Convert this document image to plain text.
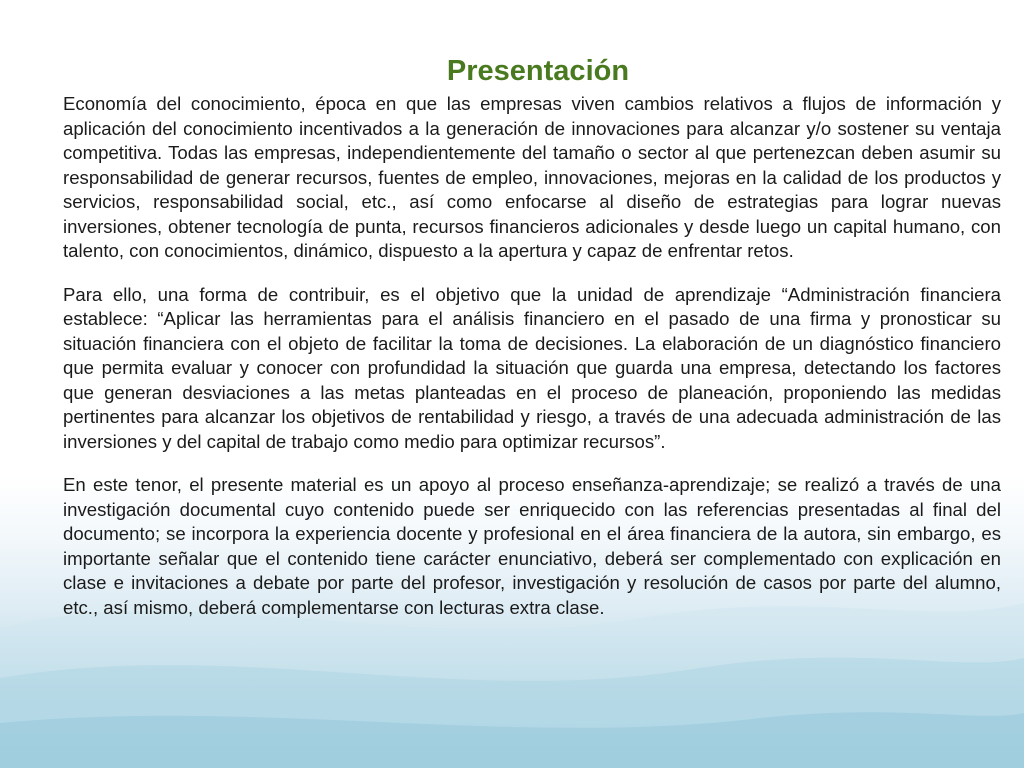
Presentación

Economía del conocimiento, época en que las empresas viven cambios relativos a flujos de información y aplicación del conocimiento incentivados a la generación de innovaciones para alcanzar y/o sostener su ventaja competitiva. Todas las empresas, independientemente del tamaño o sector al que pertenezcan deben asumir su responsabilidad de generar recursos, fuentes de empleo, innovaciones, mejoras en la calidad de los productos y servicios, responsabilidad social, etc., así como enfocarse al diseño de estrategias para lograr nuevas inversiones, obtener tecnología de punta, recursos financieros adicionales y desde luego un capital humano, con talento, con conocimientos, dinámico, dispuesto a la apertura y capaz de enfrentar retos.

Para ello, una forma de contribuir, es el objetivo que la unidad de aprendizaje “Administración financiera establece: “Aplicar las herramientas para el análisis financiero en el pasado de una firma y pronosticar su situación financiera con el objeto de facilitar la toma de decisiones. La elaboración de un diagnóstico financiero que permita evaluar y conocer con profundidad la situación que guarda una empresa, detectando los factores que generan desviaciones a las metas planteadas en el proceso de planeación, proponiendo las medidas pertinentes para alcanzar los objetivos de rentabilidad y riesgo, a través de una adecuada administración de las inversiones y del capital de trabajo como medio para optimizar recursos”.

En este tenor, el presente material es un apoyo al proceso enseñanza-aprendizaje; se realizó a través de una investigación documental cuyo contenido puede ser enriquecido con las referencias presentadas al final del documento; se incorpora la experiencia docente y profesional en el área financiera de la autora, sin embargo, es importante señalar que el contenido tiene carácter enunciativo, deberá ser complementado con explicación en clase e invitaciones a debate por parte del profesor, investigación y resolución de casos por parte del alumno, etc., así mismo, deberá complementarse con lecturas extra clase.
